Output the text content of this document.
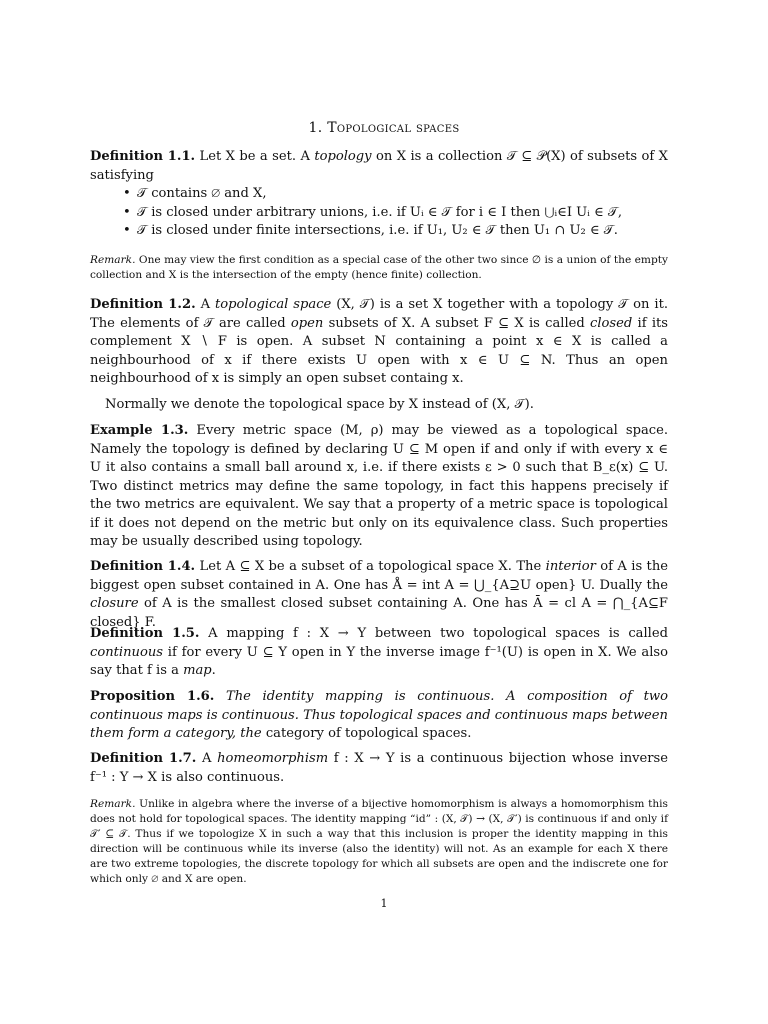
1. Topological spaces
Definition 1.1. Let X be a set. A topology on X is a collection 𝒯 ⊆ 𝒫(X) of subsets of X satisfying
• 𝒯 contains ∅ and X,
• 𝒯 is closed under arbitrary unions, i.e. if Uᵢ ∈ 𝒯 for i ∈ I then ⋃ᵢ∈I Uᵢ ∈ 𝒯,
• 𝒯 is closed under finite intersections, i.e. if U₁, U₂ ∈ 𝒯 then U₁ ∩ U₂ ∈ 𝒯.
Remark. One may view the first condition as a special case of the other two since ∅ is a union of the empty collection and X is the intersection of the empty (hence finite) collection.
Definition 1.2. A topological space (X, 𝒯) is a set X together with a topology 𝒯 on it. The elements of 𝒯 are called open subsets of X. A subset F ⊆ X is called closed if its complement X ∖ F is open. A subset N containing a point x ∈ X is called a neighbourhood of x if there exists U open with x ∈ U ⊆ N. Thus an open neighbourhood of x is simply an open subset containg x.
Normally we denote the topological space by X instead of (X, 𝒯).
Example 1.3. Every metric space (M, ρ) may be viewed as a topological space. Namely the topology is defined by declaring U ⊆ M open if and only if with every x ∈ U it also contains a small ball around x, i.e. if there exists ε > 0 such that B_ε(x) ⊆ U. Two distinct metrics may define the same topology, in fact this happens precisely if the two metrics are equivalent. We say that a property of a metric space is topological if it does not depend on the metric but only on its equivalence class. Such properties may be usually described using topology.
Definition 1.4. Let A ⊆ X be a subset of a topological space X. The interior of A is the biggest open subset contained in A. One has Å = int A = ⋃_{A⊇U open} U. Dually the closure of A is the smallest closed subset containing A. One has Ā = cl A = ⋂_{A⊆F closed} F.
Definition 1.5. A mapping f : X → Y between two topological spaces is called continuous if for every U ⊆ Y open in Y the inverse image f⁻¹(U) is open in X. We also say that f is a map.
Proposition 1.6. The identity mapping is continuous. A composition of two continuous maps is continuous. Thus topological spaces and continuous maps between them form a category, the category of topological spaces.
Definition 1.7. A homeomorphism f : X → Y is a continuous bijection whose inverse f⁻¹ : Y → X is also continuous.
Remark. Unlike in algebra where the inverse of a bijective homomorphism is always a homomorphism this does not hold for topological spaces. The identity mapping “id” : (X, 𝒯) → (X, 𝒯′) is continuous if and only if 𝒯′ ⊆ 𝒯. Thus if we topologize X in such a way that this inclusion is proper the identity mapping in this direction will be continuous while its inverse (also the identity) will not. As an example for each X there are two extreme topologies, the discrete topology for which all subsets are open and the indiscrete one for which only ∅ and X are open.
1
